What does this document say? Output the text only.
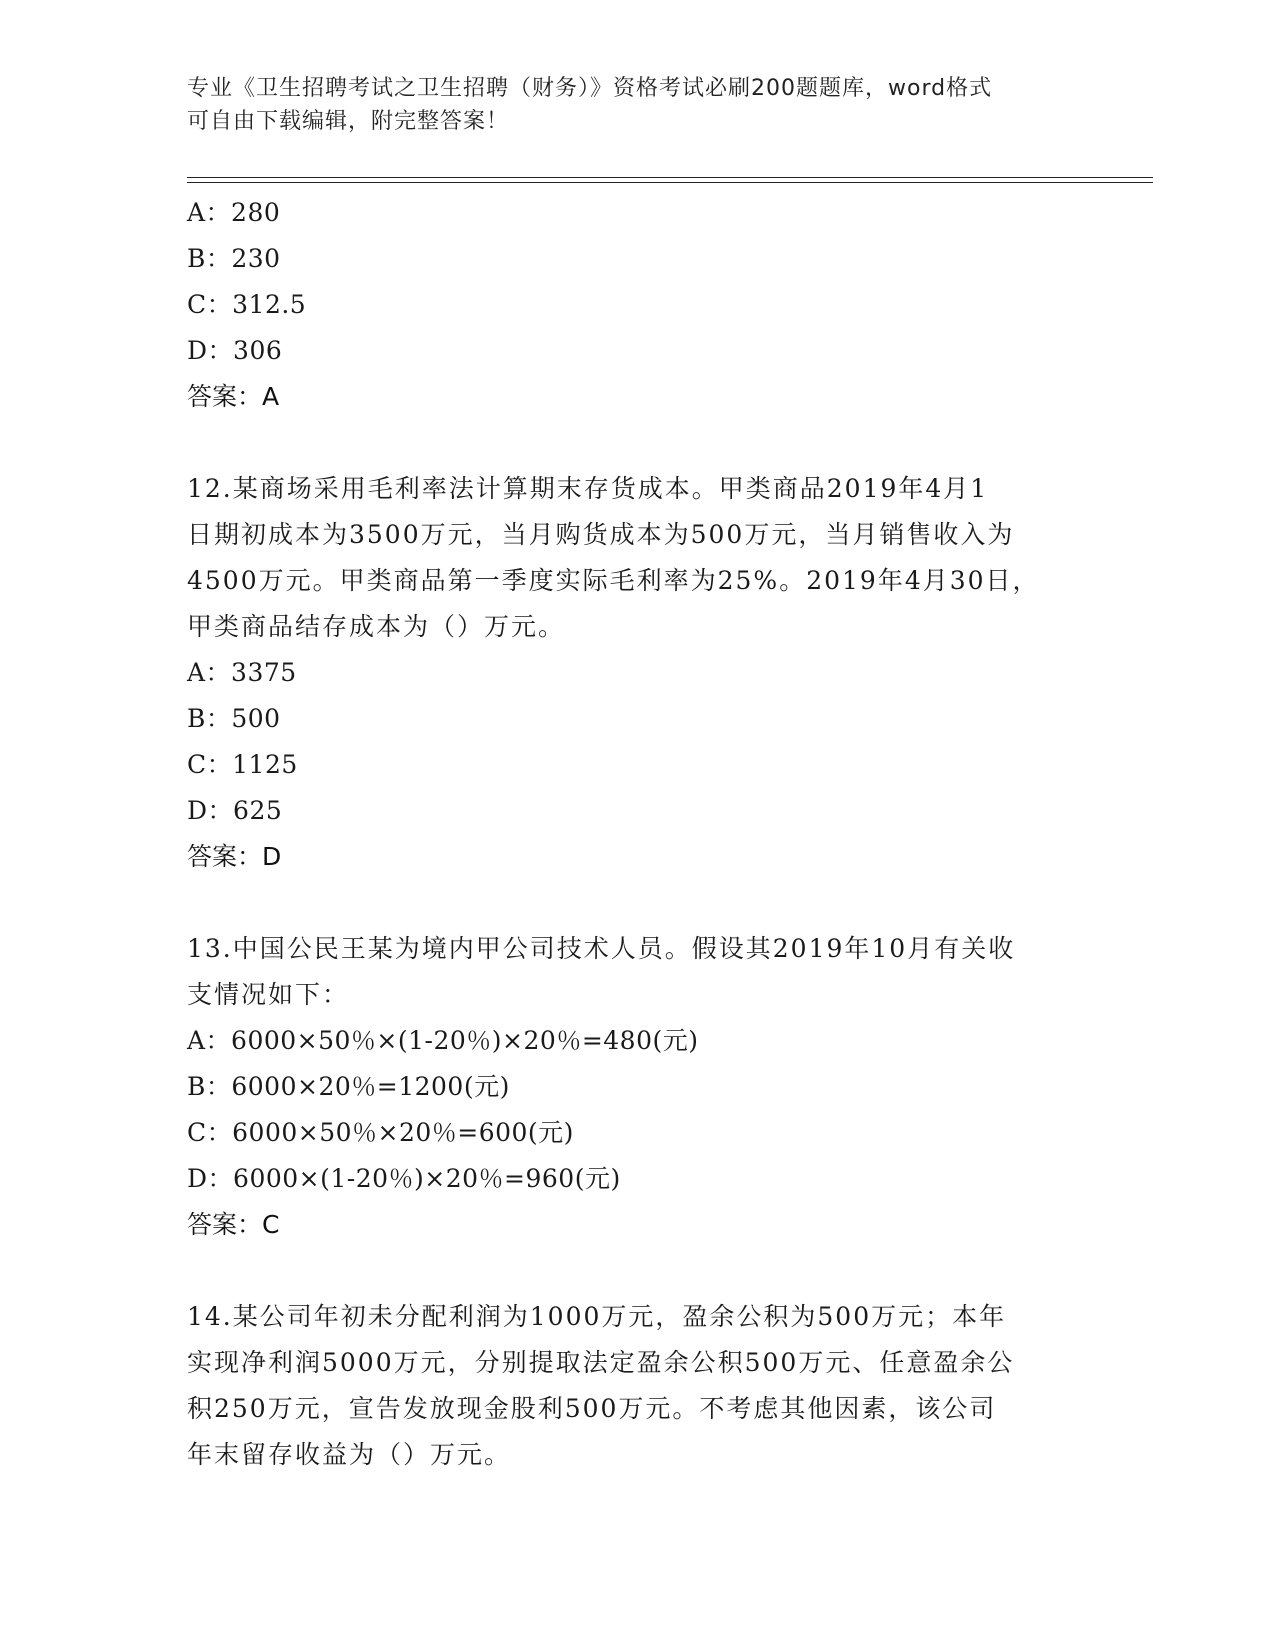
专业《卫生招聘考试之卫生招聘（财务）》资格考试必刷200题题库，word格式
可自由下载编辑，附完整答案！
A：280
B：230
C：312.5
D：306
答案：A
12.某商场采用毛利率法计算期末存货成本。甲类商品2019年4月1
日期初成本为3500万元，当月购货成本为500万元，当月销售收入为
4500万元。甲类商品第一季度实际毛利率为25%。2019年4月30日，
甲类商品结存成本为（）万元。
A：3375
B：500
C：1125
D：625
答案：D
13.中国公民王某为境内甲公司技术人员。假设其2019年10月有关收
支情况如下：
A：6000×50％×(1-20％)×20％=480(元)
B：6000×20％=1200(元)
C：6000×50％×20％=600(元)
D：6000×(1-20％)×20％=960(元)
答案：C
14.某公司年初未分配利润为1000万元，盈余公积为500万元；本年
实现净利润5000万元，分别提取法定盈余公积500万元、任意盈余公
积250万元，宣告发放现金股利500万元。不考虑其他因素，该公司
年末留存收益为（）万元。
